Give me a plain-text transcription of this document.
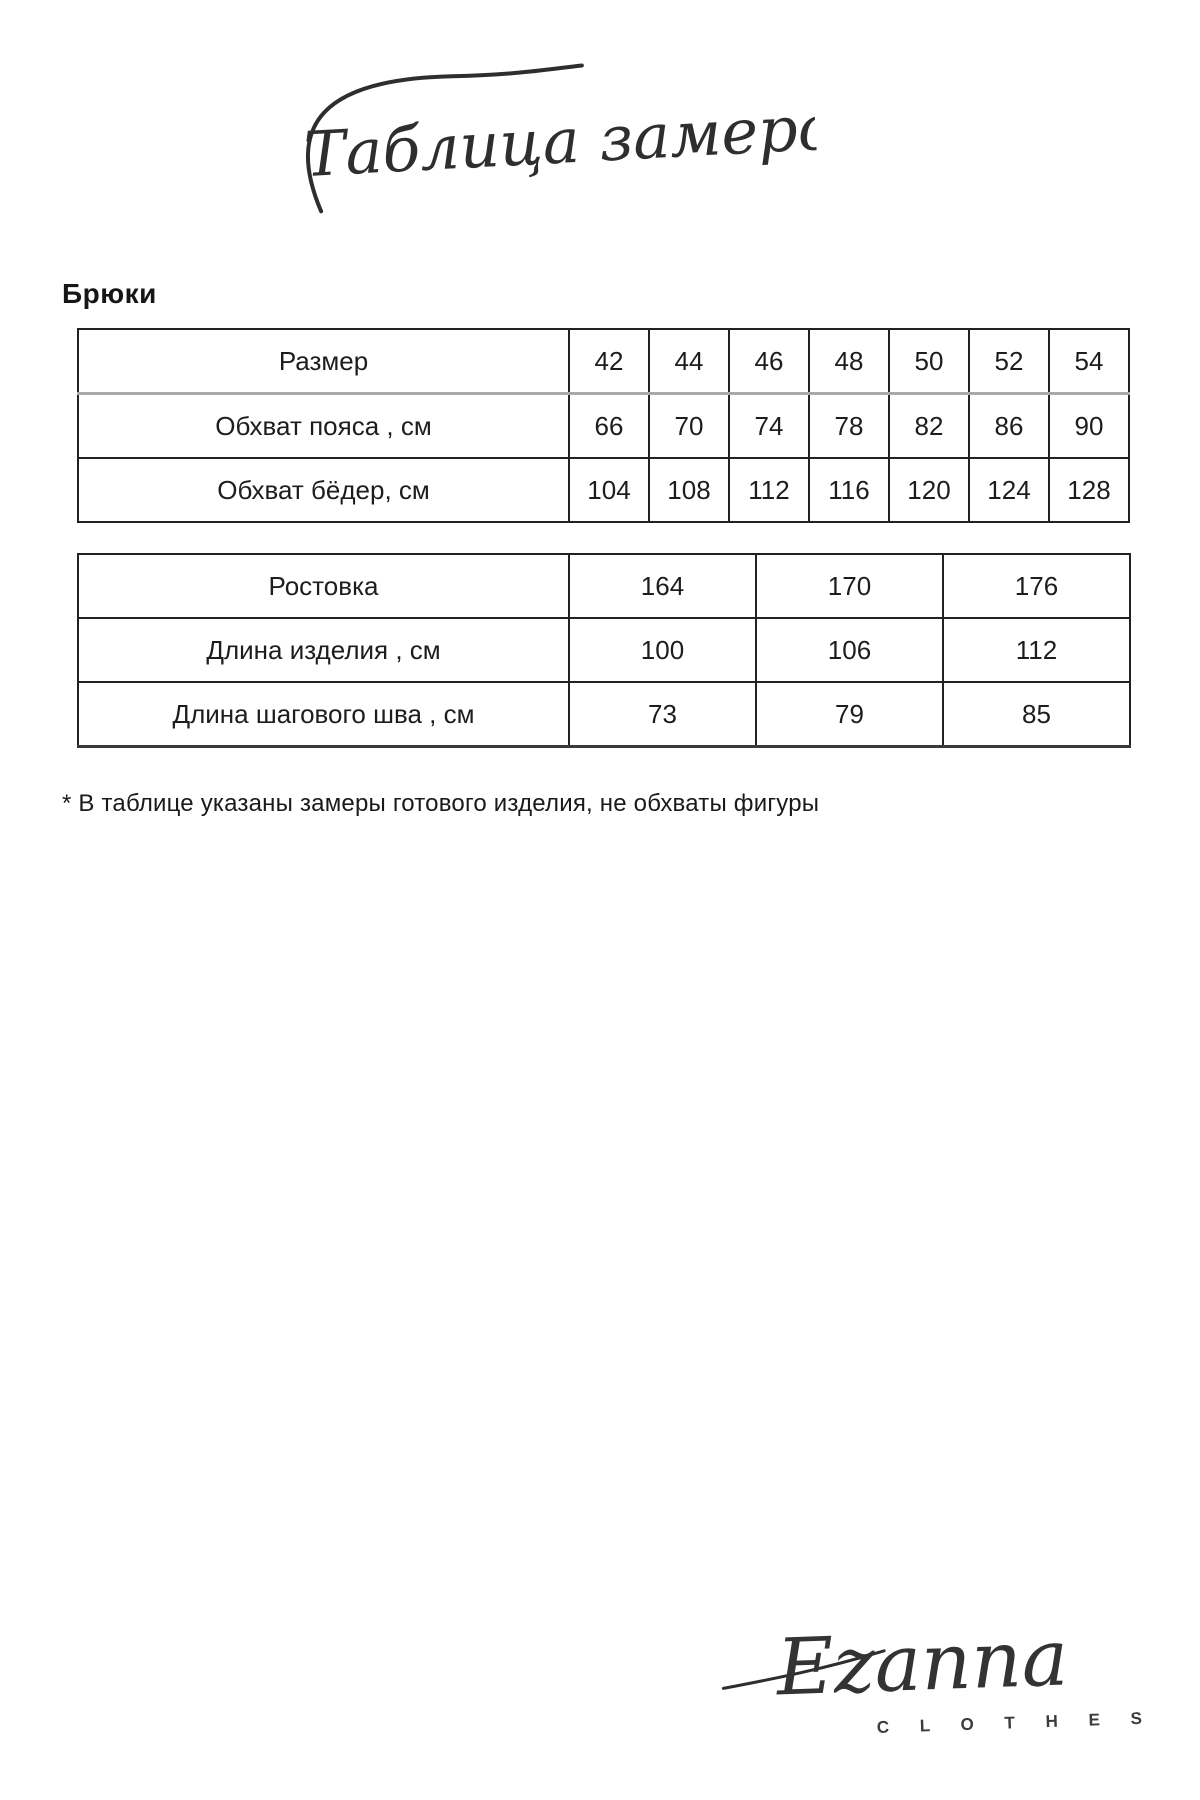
Таблица замеров
Брюки
Размер	42	44	46	48	50	52	54
Обхват пояса , см	66	70	74	78	82	86	90
Обхват бёдер, см	104	108	112	116	120	124	128
Ростовка	164	170	176
Длина изделия , см	100	106	112
Длина шагового шва , см	73	79	85
* В таблице указаны замеры готового изделия, не обхваты фигуры
Ezanna
C L O T H E S
